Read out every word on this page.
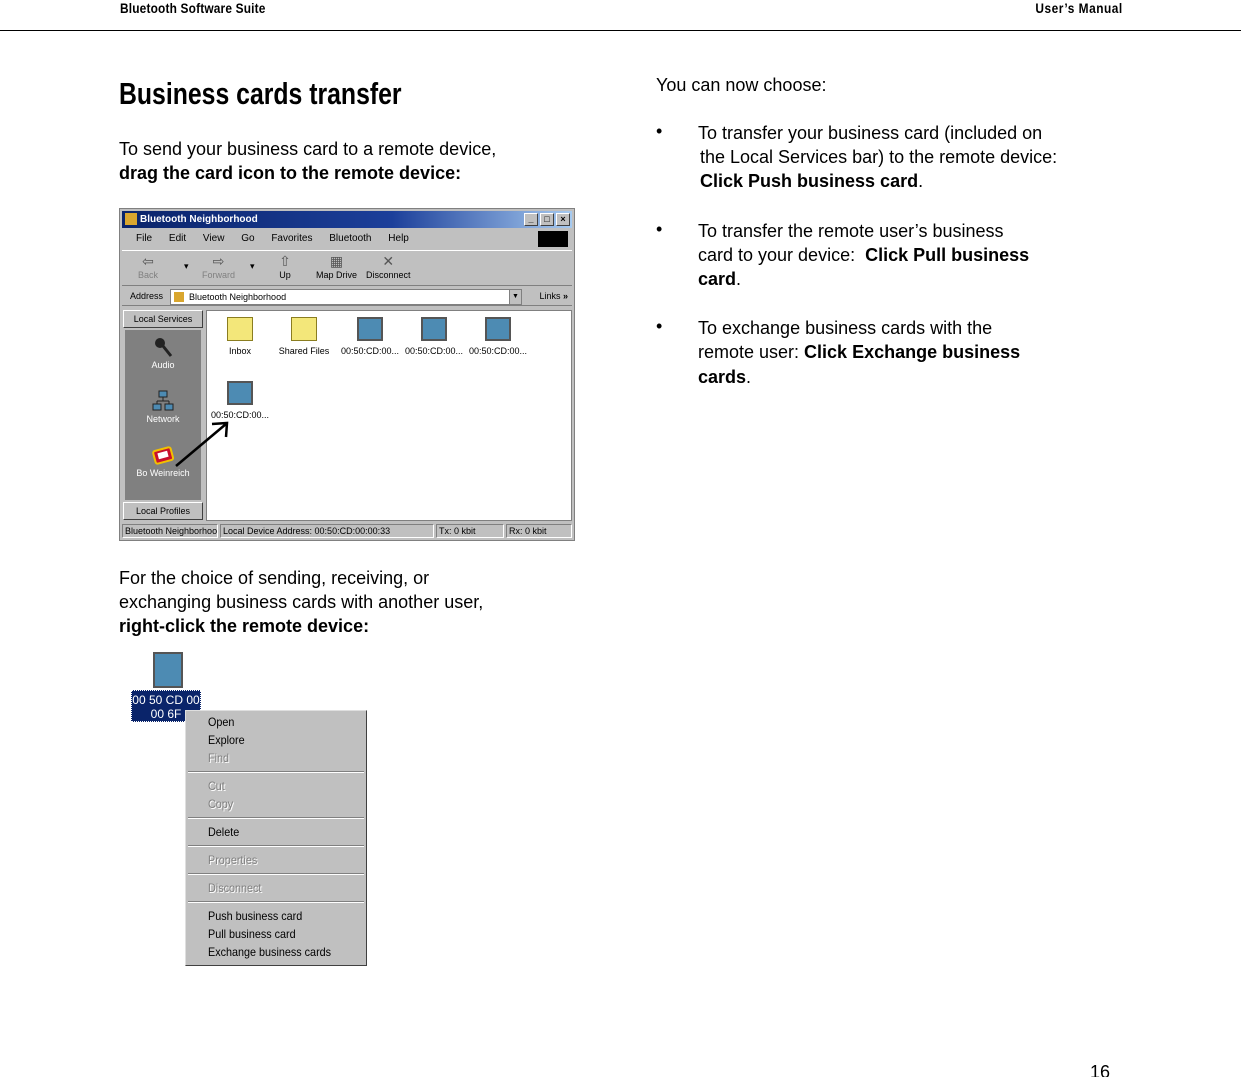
Bluetooth Software Suite	User’s Manual
Business cards transfer
To send your business card to a remote device,
drag the card icon to the remote device:
Bluetooth Neighborhood	_	□	×
File Edit View Go Favorites Bluetooth Help
⇦
Back
▾ ⇨
Forward
▾ ⇧
Up
▦
Map Drive
✕
Disconnect
Address	Bluetooth Neighborhood	▼ Links »
Local Services
Audio
Network
Bo Weinreich
Local Profiles
Inbox	Shared Files	00:50:CD:00... 00:50:CD:00... 00:50:CD:00...
00:50:CD:00...
Bluetooth Neighborhoo Local Device Address: 00:50:CD:00:00:33	Tx: 0 kbit	Rx: 0 kbit
For the choice of sending, receiving, or
exchanging business cards with another user,
right-click the remote device:
00 50 CD 00
00 6F
Open
Explore
Find
Cut
Copy
Delete
Properties
Disconnect
Push business card
Pull business card
Exchange business cards
You can now choose:
• To transfer your business card (included on
the Local Services bar) to the remote device:
Click Push business card.
• To transfer the remote user’s business
card to your device:  Click Pull business
card.
• To exchange business cards with the
remote user: Click Exchange business
cards.
16
